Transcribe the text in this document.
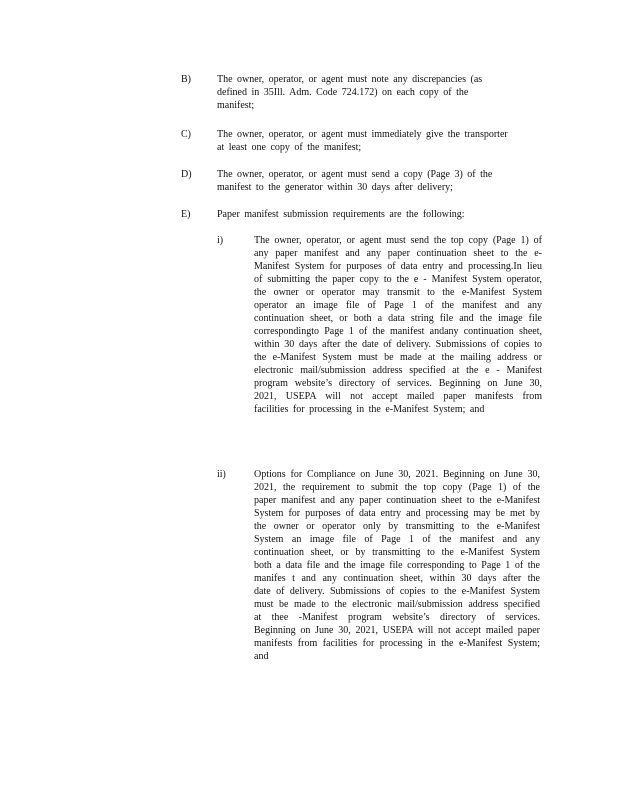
B)	The owner, operator, or agent must note any discrepancies (as defined in 35Ill. Adm. Code 724.172) on each copy of the manifest;
C)	The owner, operator, or agent must immediately give the transporter at least one copy of the manifest;
D)	The owner, operator, or agent must send a copy (Page 3) of the manifest to the generator within 30 days after delivery;
E)	Paper manifest submission requirements are the following:
i)	The owner, operator, or agent must send the top copy (Page 1) of any paper manifest and any paper continuation sheet to the e-Manifest System for purposes of data entry and processing.In lieu of submitting the paper copy to the e - Manifest System operator, the owner or operator may transmit to the e-Manifest System operator an image file of Page 1 of the manifest and any continuation sheet, or both a data string file and the image file correspondingto Page 1 of the manifest andany continuation sheet, within 30 days after the date of delivery. Submissions of copies to the e-Manifest System must be made at the mailing address or electronic mail/submission address specified at the e - Manifest program website’s directory of services. Beginning on June 30, 2021, USEPA will not accept mailed paper manifests from facilities for processing in the e-Manifest System; and
ii)	Options for Compliance on June 30, 2021. Beginning on June 30, 2021, the requirement to submit the top copy (Page 1) of the paper manifest and any paper continuation sheet to the e-Manifest System for purposes of data entry and processing may be met by the owner or operator only by transmitting to the e-Manifest System an image file of Page 1 of the manifest and any continuation sheet, or by transmitting to the e-Manifest System both a data file and the image file corresponding to Page 1 of the manifes t and any continuation sheet, within 30 days after the date of delivery. Submissions of copies to the e-Manifest System must be made to the electronic mail/submission address specified at thee -Manifest program website’s directory of services. Beginning on June 30, 2021, USEPA will not accept mailed paper manifests from facilities for processing in the e-Manifest System; and
